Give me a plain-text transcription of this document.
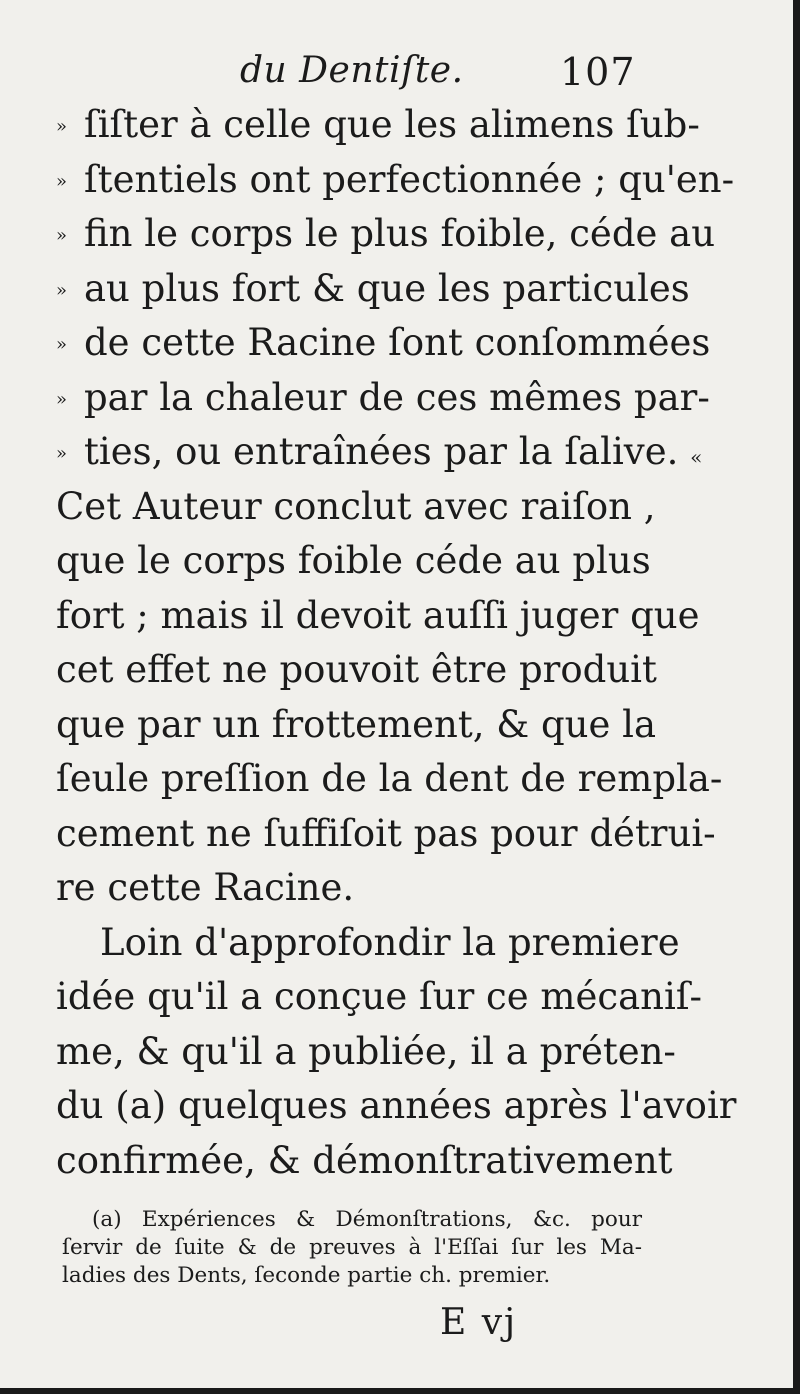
du Dentiſte.	107
» ſiſter à celle que les alimens ſub-
» ſtentiels ont perfectionnée ; qu'en-
» fin le corps le plus foible, céde au
» au plus fort & que les particules
» de cette Racine ſont conſommées
» par la chaleur de ces mêmes par-
» ties, ou entraînées par la ſalive. «
Cet Auteur conclut avec raiſon ,
que le corps foible céde au plus
fort ; mais il devoit auſſi juger que
cet effet ne pouvoit être produit
que par un frottement, & que la
ſeule preſſion de la dent de rempla-
cement ne ſuffiſoit pas pour détrui-
re cette Racine.
Loin d'approfondir la premiere
idée qu'il a conçue ſur ce mécaniſ-
me, & qu'il a publiée, il a préten-
du (a) quelques années après l'avoir
confirmée, & démonſtrativement
(a) Expériences & Démonſtrations, &c. pour
ſervir de ſuite & de preuves à l'Eſſai ſur les Ma-
ladies des Dents, ſeconde partie ch. premier.
E vj
